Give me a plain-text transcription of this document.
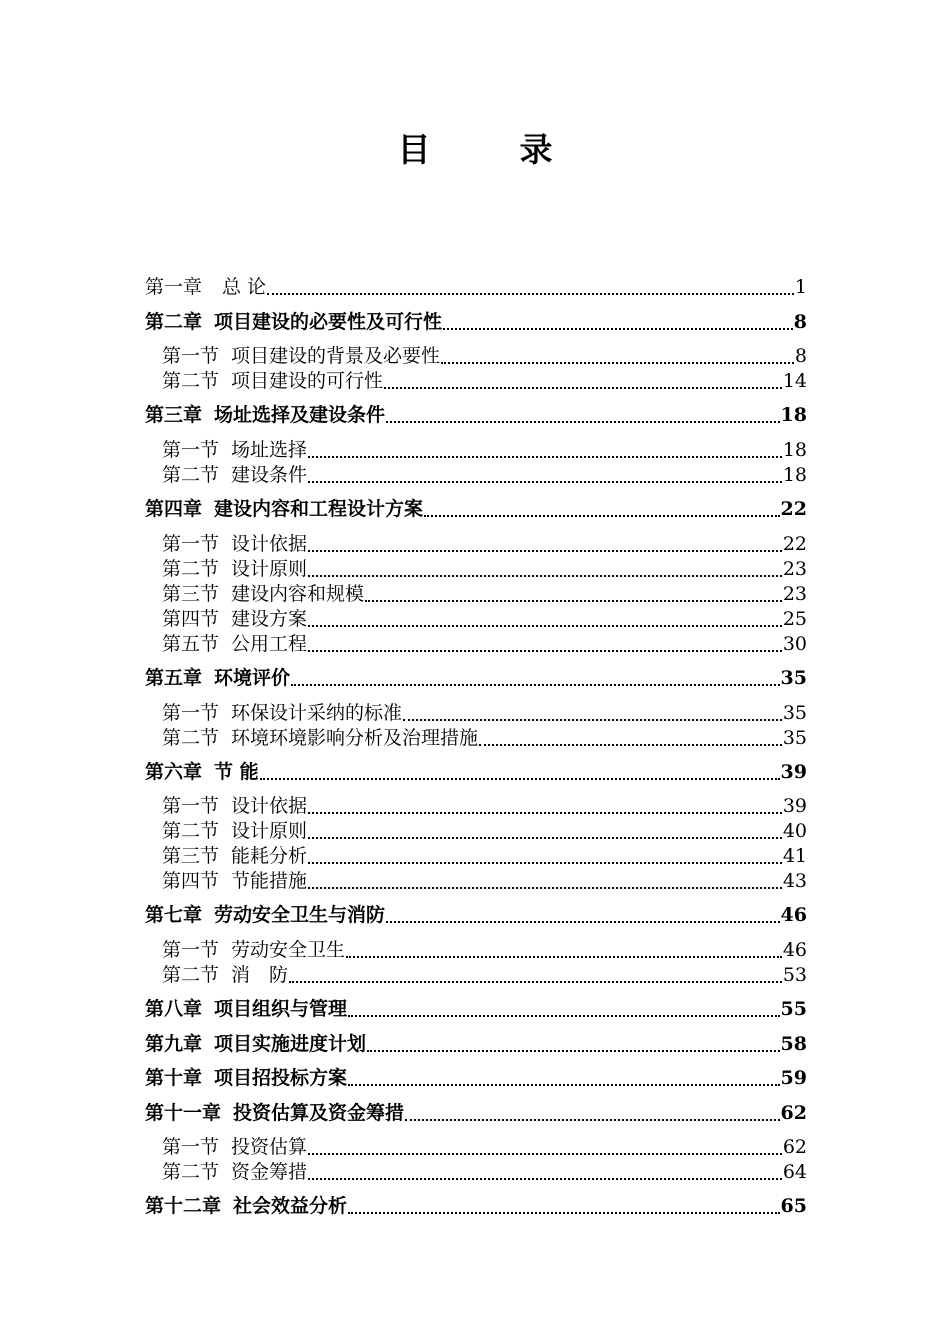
目　录
第一章 总 论	1
第二章 项目建设的必要性及可行性	8
第一节 项目建设的背景及必要性	8
第二节 项目建设的可行性	14
第三章 场址选择及建设条件	18
第一节 场址选择	18
第二节 建设条件	18
第四章 建设内容和工程设计方案	22
第一节 设计依据	22
第二节 设计原则	23
第三节 建设内容和规模	23
第四节 建设方案	25
第五节 公用工程	30
第五章 环境评价	35
第一节 环保设计采纳的标准	35
第二节 环境环境影响分析及治理措施	35
第六章 节 能	39
第一节 设计依据	39
第二节 设计原则	40
第三节 能耗分析	41
第四节 节能措施	43
第七章 劳动安全卫生与消防	46
第一节 劳动安全卫生	46
第二节 消　防	53
第八章 项目组织与管理	55
第九章 项目实施进度计划	58
第十章 项目招投标方案	59
第十一章 投资估算及资金筹措	62
第一节 投资估算	62
第二节 资金筹措	64
第十二章 社会效益分析	65
